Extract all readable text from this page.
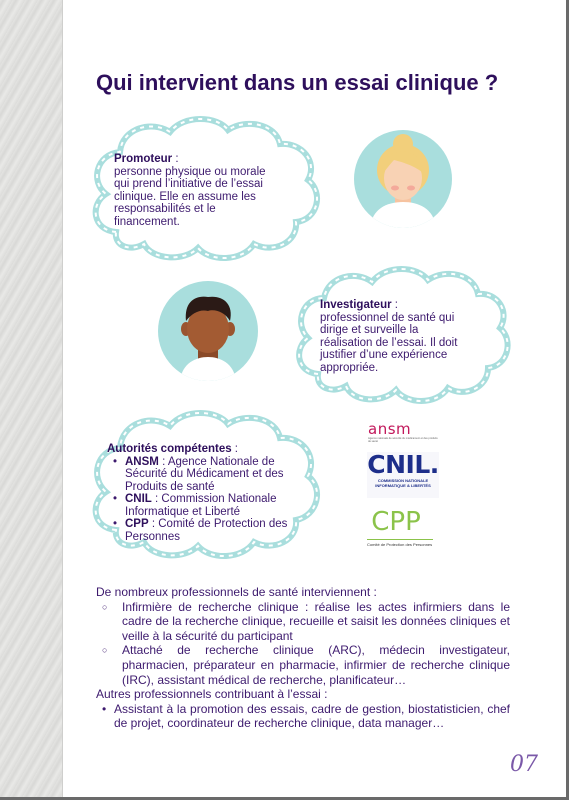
Qui intervient dans un essai clinique ?
Promoteur :
personne physique ou morale qui prend l’initiative de l’essai clinique. Elle en assume les responsabilités et le financement.
Investigateur :
professionnel de santé qui dirige et surveille la réalisation de l’essai. Il doit justifier d’une expérience appropriée.
Autorités compétentes :
• ANSM : Agence Nationale de Sécurité du Médicament et des Produits de santé
• CNIL : Commission Nationale Informatique et Liberté
• CPP : Comité de Protection des Personnes
ansm
Agence nationale de sécurité du médicament et des produits de santé
CNIL.
COMMISSION NATIONALE
INFORMATIQUE & LIBERTÉS
CPP
Comité de Protection des Personnes

De nombreux professionnels de santé interviennent :

○ Infirmière de recherche clinique : réalise les actes infirmiers dans le cadre de la recherche clinique, recueille et saisit les données cliniques et veille à la sécurité du participant
○ Attaché de recherche clinique (ARC), médecin investigateur, pharmacien, préparateur en pharmacie, infirmier de recherche clinique (IRC), assistant médical de recherche, planificateur…

Autres professionnels contribuant à l’essai :

• Assistant à la promotion des essais, cadre de gestion, biostatisticien, chef de projet, coordinateur de recherche clinique, data manager…
07
